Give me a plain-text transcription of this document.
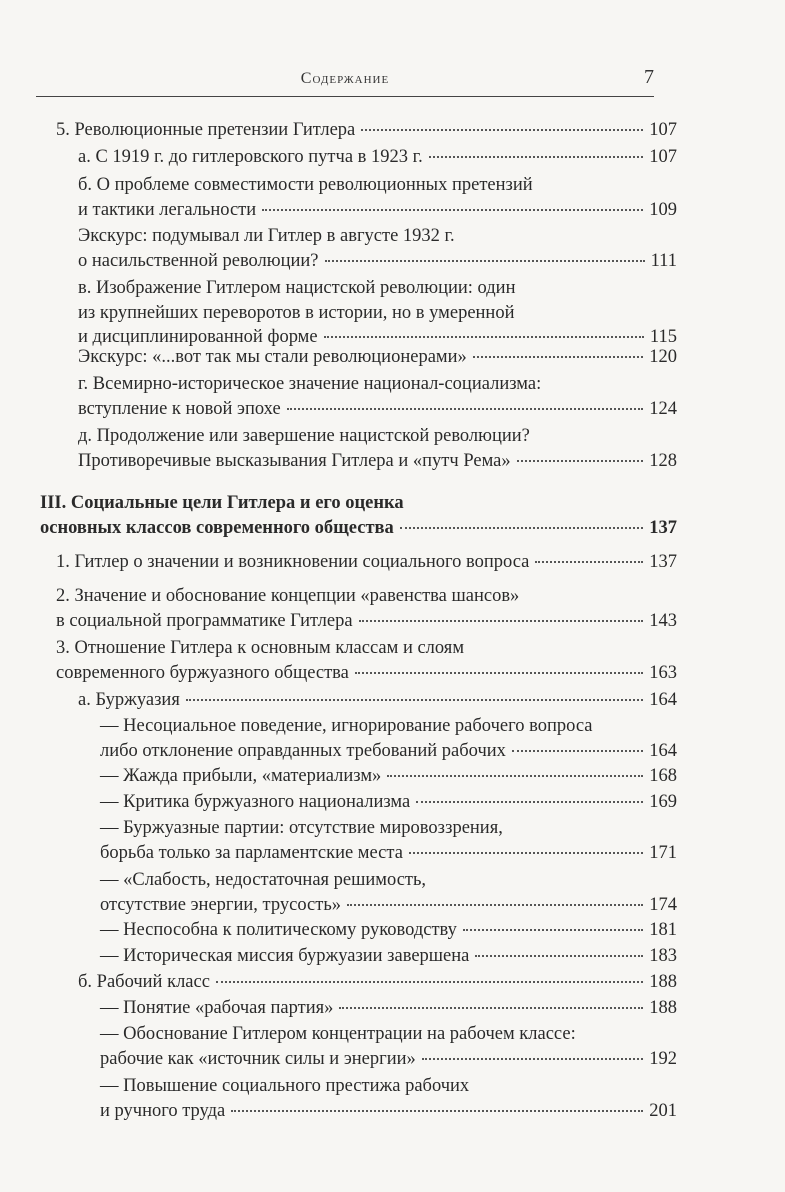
Содержание	7
5. Революционные претензии Гитлера	107
а. С 1919 г. до гитлеровского путча в 1923 г.	107
б. О проблеме совместимости революционных претензий
и тактики легальности	109
Экскурс: подумывал ли Гитлер в августе 1932 г.
о насильственной революции?	111
в. Изображение Гитлером нацистской революции: один
из крупнейших переворотов в истории, но в умеренной
и дисциплинированной форме	115
Экскурс: «...вот так мы стали революционерами»	120
г. Всемирно-историческое значение национал-социализма:
вступление к новой эпохе	124
д. Продолжение или завершение нацистской революции?
Противоречивые высказывания Гитлера и «путч Рема»	128
III. Социальные цели Гитлера и его оценка
основных классов современного общества	137
1. Гитлер о значении и возникновении социального вопроса	137
2. Значение и обоснование концепции «равенства шансов»
в социальной программатике Гитлера	143
3. Отношение Гитлера к основным классам и слоям
современного буржуазного общества	163
а. Буржуазия	164
— Несоциальное поведение, игнорирование рабочего вопроса
либо отклонение оправданных требований рабочих	164
— Жажда прибыли, «материализм»	168
— Критика буржуазного национализма	169
— Буржуазные партии: отсутствие мировоззрения,
борьба только за парламентские места	171
— «Слабость, недостаточная решимость,
отсутствие энергии, трусость»	174
— Неспособна к политическому руководству	181
— Историческая миссия буржуазии завершена	183
б. Рабочий класс	188
— Понятие «рабочая партия»	188
— Обоснование Гитлером концентрации на рабочем классе:
рабочие как «источник силы и энергии»	192
— Повышение социального престижа рабочих
и ручного труда	201
